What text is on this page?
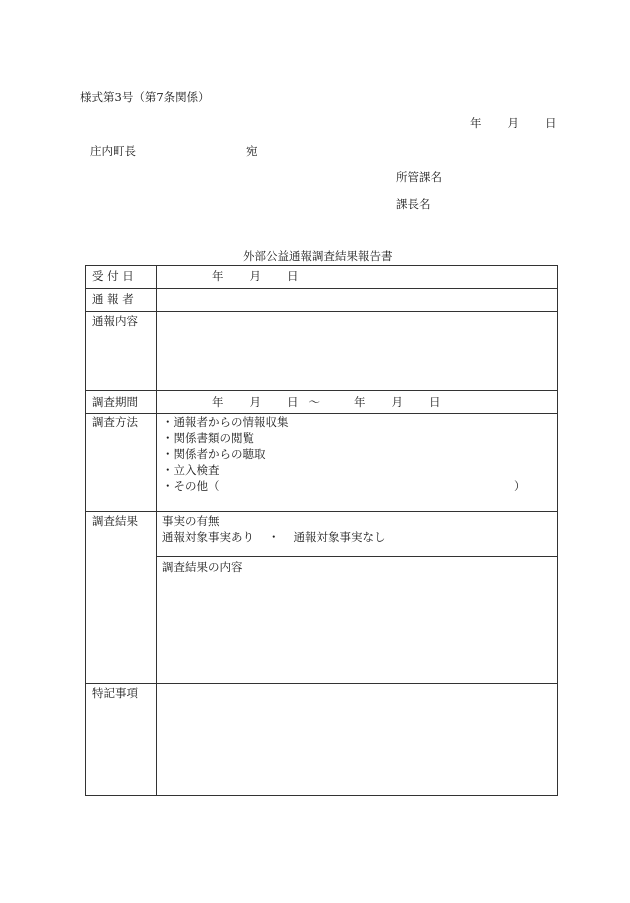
様式第3号（第7条関係）
年 月 日
庄内町長	宛
所管課名
課長名
外部公益通報調査結果報告書
受 付 日	年 月 日
通 報 者
通報内容
調査期間	年 月 日 ～	年 月 日
調査方法 ・通報者からの情報収集
・関係書類の閲覧
・関係者からの聴取
・立入検査
・その他（	）
調査結果 事実の有無
通報対象事実あり ・ 通報対象事実なし
調査結果の内容
特記事項
